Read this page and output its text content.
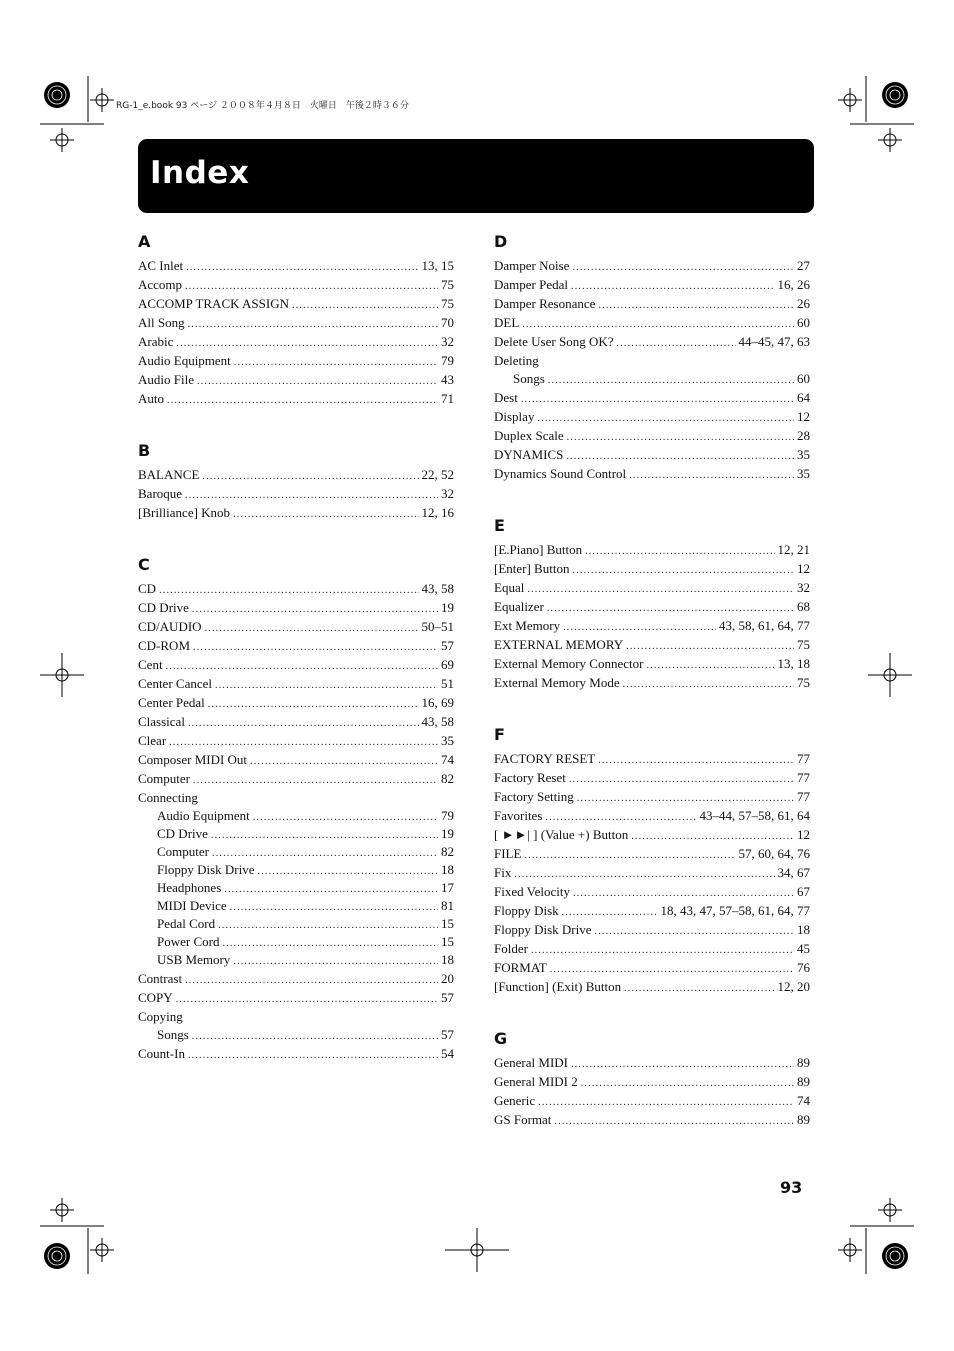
RG-1_e.book 93 ページ ２００８年４月８日　火曜日　午後２時３６分
Index
A
AC Inlet .....	13, 15
Accomp .....	75
ACCOMP TRACK ASSIGN .....	75
All Song .....	70
Arabic .....	32
Audio Equipment .....	79
Audio File .....	43
Auto .....	71
B
BALANCE .....	22, 52
Baroque .....	32
[Brilliance] Knob .....	12, 16
C
CD .....	43, 58
CD Drive .....	19
CD/AUDIO .....	50–51
CD-ROM .....	57
Cent .....	69
Center Cancel .....	51
Center Pedal .....	16, 69
Classical .....	43, 58
Clear .....	35
Composer MIDI Out .....	74
Computer .....	82
Connecting
Audio Equipment .....	79
CD Drive .....	19
Computer .....	82
Floppy Disk Drive .....	18
Headphones .....	17
MIDI Device .....	81
Pedal Cord .....	15
Power Cord .....	15
USB Memory .....	18
Contrast .....	20
COPY .....	57
Copying
Songs .....	57
Count-In .....	54
D
Damper Noise .....	27
Damper Pedal .....	16, 26
Damper Resonance .....	26
DEL .....	60
Delete User Song OK? .....	44–45, 47, 63
Deleting
Songs .....	60
Dest .....	64
Display .....	12
Duplex Scale .....	28
DYNAMICS .....	35
Dynamics Sound Control .....	35
E
[E.Piano] Button .....	12, 21
[Enter] Button .....	12
Equal .....	32
Equalizer .....	68
Ext Memory .....	43, 58, 61, 64, 77
EXTERNAL MEMORY .....	75
External Memory Connector .....	13, 18
External Memory Mode .....	75
F
FACTORY RESET .....	77
Factory Reset .....	77
Factory Setting .....	77
Favorites .....	43–44, 57–58, 61, 64
[ ►►| ] (Value +) Button .....	12
FILE .....	57, 60, 64, 76
Fix .....	34, 67
Fixed Velocity .....	67
Floppy Disk .....	18, 43, 47, 57–58, 61, 64, 77
Floppy Disk Drive .....	18
Folder .....	45
FORMAT .....	76
[Function] (Exit) Button .....	12, 20
G
General MIDI .....	89
General MIDI 2 .....	89
Generic .....	74
GS Format .....	89
93
